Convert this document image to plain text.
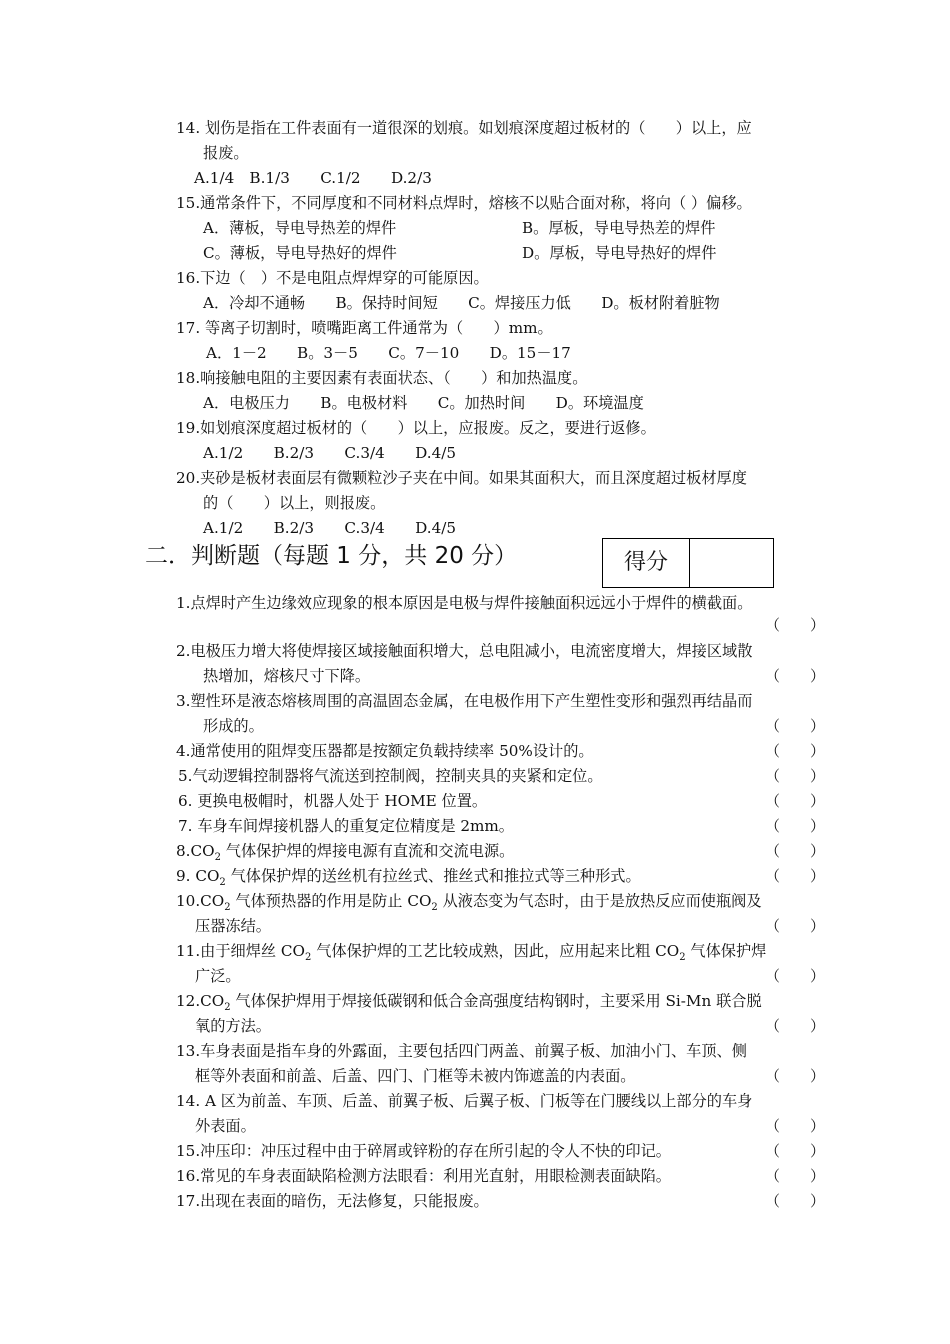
14. 划伤是指在工件表面有一道很深的划痕。如划痕深度超过板材的（　　）以上，应
报废。
A.1/4　B.1/3　　C.1/2　　D.2/3
15.通常条件下，不同厚度和不同材料点焊时，熔核不以贴合面对称，将向（ ）偏移。
A．薄板，导电导热差的焊件	B。厚板，导电导热差的焊件
C。薄板，导电导热好的焊件	D。厚板，导电导热好的焊件
16.下边（　）不是电阻点焊焊穿的可能原因。
A．冷却不通畅　　B。保持时间短　　C。焊接压力低　　D。板材附着脏物
17. 等离子切割时，喷嘴距离工件通常为（　　）mm。
A．1－2　　B。3－5　　C。7－10　　D。15－17
18.响接触电阻的主要因素有表面状态、（　　）和加热温度。
A．电极压力　　B。电极材料　　C。加热时间　　D。环境温度
19.如划痕深度超过板材的（　　）以上，应报废。反之，要进行返修。
A.1/2　　B.2/3　　C.3/4　　D.4/5
20.夹砂是板材表面层有微颗粒沙子夹在中间。如果其面积大，而且深度超过板材厚度
的（　　）以上，则报废。
A.1/2　　B.2/3　　C.3/4　　D.4/5
二．判断题（每题 1 分，共 20 分）	得分
1.点焊时产生边缘效应现象的根本原因是电极与焊件接触面积远远小于焊件的横截面。
（　　）
2.电极压力增大将使焊接区域接触面积增大，总电阻减小，电流密度增大，焊接区域散
热增加，熔核尺寸下降。	（　　）
3.塑性环是液态熔核周围的高温固态金属，在电极作用下产生塑性变形和强烈再结晶而
形成的。	（　　）
4.通常使用的阻焊变压器都是按额定负载持续率 50%设计的。	（　　）
5.气动逻辑控制器将气流送到控制阀，控制夹具的夹紧和定位。	（　　）
6. 更换电极帽时，机器人处于 HOME 位置。	（　　）
7. 车身车间焊接机器人的重复定位精度是 2mm。	（　　）
$8.CO_2$ 气体保护焊的焊接电源有直流和交流电源。	（　　）
9. $CO_2$ 气体保护焊的送丝机有拉丝式、推丝式和推拉式等三种形式。	（　　）
$10.CO_2$ 气体预热器的作用是防止 $CO_2$ 从液态变为气态时，由于是放热反应而使瓶阀及
压器冻结。	（　　）
11.由于细焊丝 $CO_2$ 气体保护焊的工艺比较成熟，因此，应用起来比粗 $CO_2$ 气体保护焊
广泛。	（　　）
$12.CO_2$ 气体保护焊用于焊接低碳钢和低合金高强度结构钢时，主要采用 Si-Mn 联合脱
氧的方法。	（　　）
13.车身表面是指车身的外露面，主要包括四门两盖、前翼子板、加油小门、车顶、侧
框等外表面和前盖、后盖、四门、门框等未被内饰遮盖的内表面。	（　　）
14. A 区为前盖、车顶、后盖、前翼子板、后翼子板、门板等在门腰线以上部分的车身
外表面。	（　　）
15.冲压印：冲压过程中由于碎屑或锌粉的存在所引起的令人不快的印记。	（　　）
16.常见的车身表面缺陷检测方法眼看：利用光直射，用眼检测表面缺陷。	（　　）
17.出现在表面的暗伤，无法修复，只能报废。	（　　）
